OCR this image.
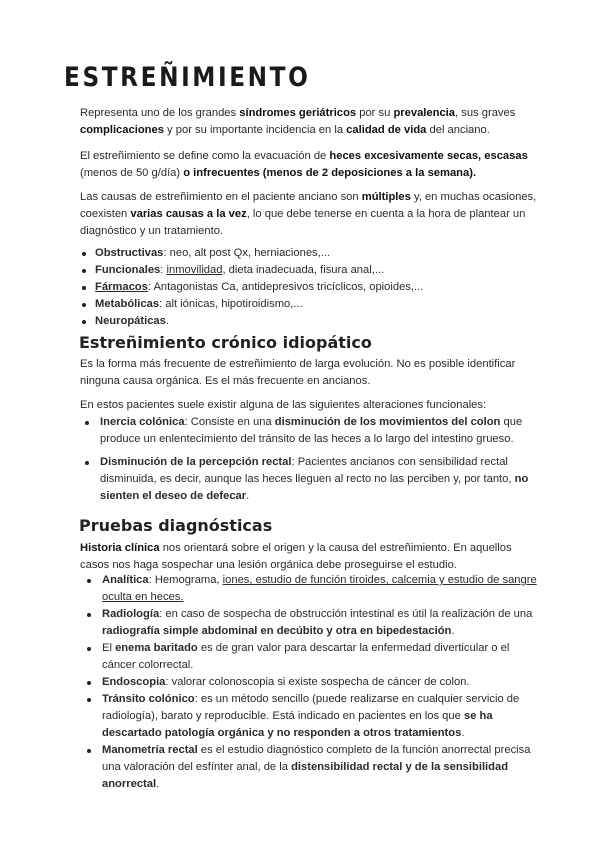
ESTREÑIMIENTO

Representa uno de los grandes síndromes geriátricos por su prevalencia, sus graves complicaciones y por su importante incidencia en la calidad de vida del anciano.

El estreñimiento se define como la evacuación de heces excesivamente secas, escasas (menos de 50 g/día) o infrecuentes (menos de 2 deposiciones a la semana).

Las causas de estreñimiento en el paciente anciano son múltiples y, en muchas ocasiones, coexisten varias causas a la vez, lo que debe tenerse en cuenta a la hora de plantear un diagnóstico y un tratamiento.

Obstructivas: neo, alt post Qx, herniaciones,...
Funcionales: inmovilidad, dieta inadecuada, fisura anal,...
Fármacos: Antagonistas Ca, antidepresivos tricíclicos, opioides,...
Metabólicas: alt iónicas, hipotiroidismo,...
Neuropáticas.
Estreñimiento crónico idiopático

Es la forma más frecuente de estreñimiento de larga evolución. No es posible identificar ninguna causa orgánica. Es el más frecuente en ancianos.

En estos pacientes suele existir alguna de las siguientes alteraciones funcionales:

Inercia colónica: Consiste en una disminución de los movimientos del colon que produce un enlentecimiento del tránsito de las heces a lo largo del intestino grueso.
Disminución de la percepción rectal: Pacientes ancianos con sensibilidad rectal disminuida, es decir, aunque las heces lleguen al recto no las perciben y, por tanto, no sienten el deseo de defecar.
Pruebas diagnósticas

Historia clínica nos orientará sobre el origen y la causa del estreñimiento. En aquellos casos nos haga sospechar una lesión orgánica debe proseguirse el estudio.

Analítica: Hemograma, iones, estudio de función tiroides, calcemia y estudio de sangre oculta en heces.
Radiología: en caso de sospecha de obstrucción intestinal es útil la realización de una radiografía simple abdominal en decúbito y otra en bipedestación.
El enema baritado es de gran valor para descartar la enfermedad diverticular o el cáncer colorrectal.
Endoscopia: valorar colonoscopia si existe sospecha de cáncer de colon.
Tránsito colónico: es un método sencillo (puede realizarse en cualquier servicio de radiología), barato y reproducible. Está indicado en pacientes en los que se ha descartado patología orgánica y no responden a otros tratamientos.
Manometría rectal es el estudio diagnóstico completo de la función anorrectal precisa una valoración del esfínter anal, de la distensibilidad rectal y de la sensibilidad anorrectal.
